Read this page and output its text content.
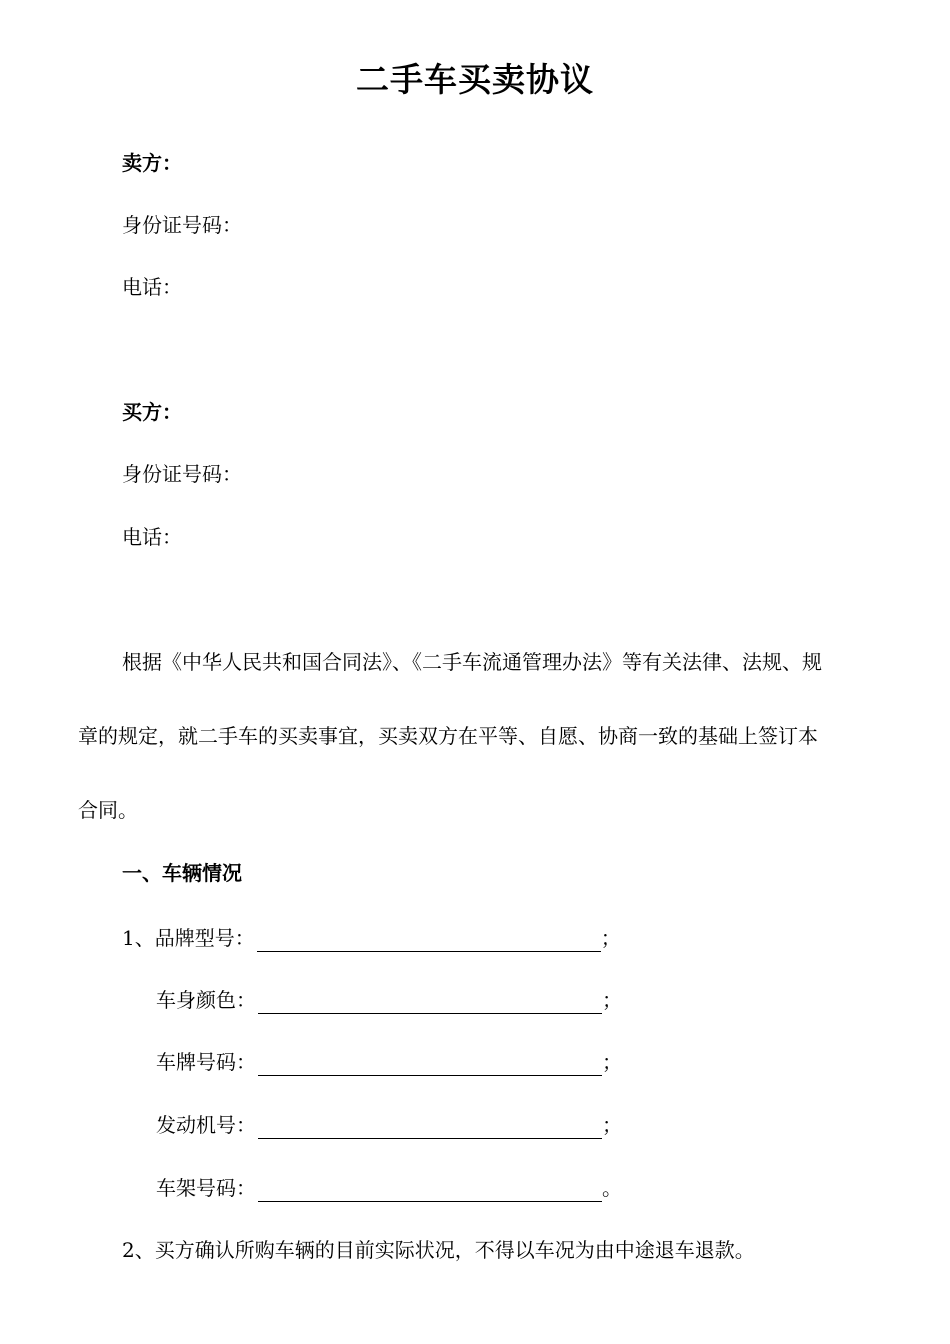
二手车买卖协议
卖方：
身份证号码：
电话：
买方：
身份证号码：
电话：

根据《中华人民共和国合同法》、《二手车流通管理办法》等有关法律、法规、规

章的规定，就二手车的买卖事宜，买卖双方在平等、自愿、协商一致的基础上签订本

合同。

一、车辆情况
1、品牌型号：	；
车身颜色：	；
车牌号码：	；
发动机号：	；
车架号码：	。
2、买方确认所购车辆的目前实际状况，不得以车况为由中途退车退款。
